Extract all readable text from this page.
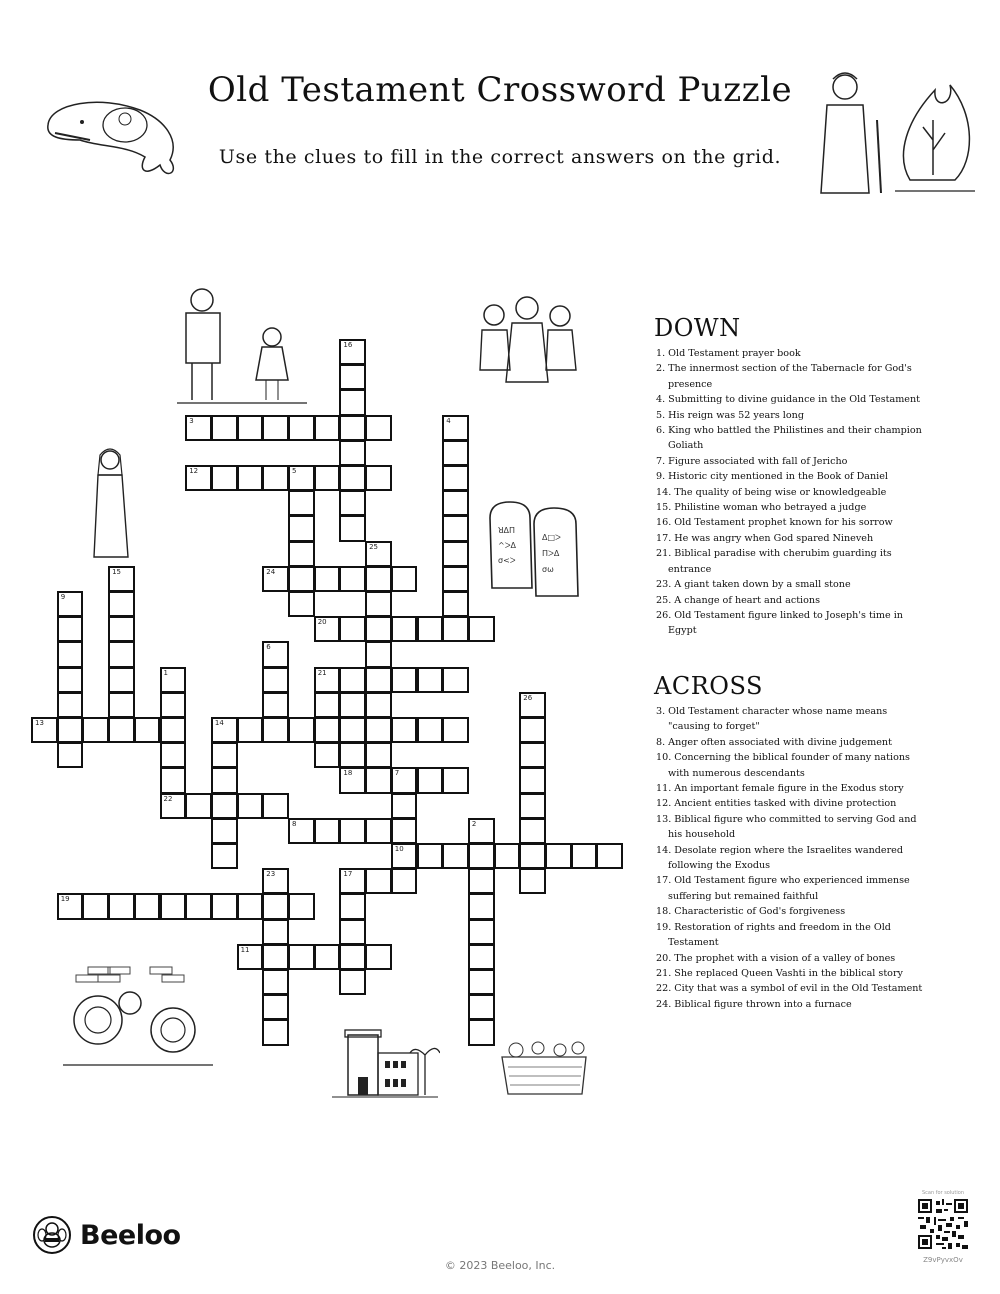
Old Testament Crossword Puzzle
Use the clues to fill in the correct answers on the grid.
ꓤΔΠ
^ᐳΔ
σ<ᐳ
Δ□ᐳ
ΠᐳΔ
σω
16
3	4
12	5
25
15	24
9
20
6
1	21
26
13	14
18	7
22
8	2
10
23	17
19
11
DOWN

1. Old Testament prayer book

2. The innermost section of the Tabernacle for God's presence

4. Submitting to divine guidance in the Old Testament

5. His reign was 52 years long

6. King who battled the Philistines and their champion Goliath

7. Figure associated with fall of Jericho

9. Historic city mentioned in the Book of Daniel

14. The quality of being wise or knowledgeable

15. Philistine woman who betrayed a judge

16. Old Testament prophet known for his sorrow

17. He was angry when God spared Nineveh

21. Biblical paradise with cherubim guarding its entrance

23. A giant taken down by a small stone

25. A change of heart and actions

26. Old Testament figure linked to Joseph's time in Egypt

ACROSS

3. Old Testament character whose name means "causing to forget"

8. Anger often associated with divine judgement

10. Concerning the biblical founder of many nations with numerous descendants

11. An important female figure in the Exodus story

12. Ancient entities tasked with divine protection

13. Biblical figure who committed to serving God and his household

14. Desolate region where the Israelites wandered following the Exodus

17. Old Testament figure who experienced immense suffering but remained faithful

18. Characteristic of God's forgiveness

19. Restoration of rights and freedom in the Old Testament

20. The prophet with a vision of a valley of bones

21. She replaced Queen Vashti in the biblical story

22. City that was a symbol of evil in the Old Testament

24. Biblical figure thrown into a furnace

Beeloo
© 2023 Beeloo, Inc.
Scan for solution
Z9vPyvxOv
